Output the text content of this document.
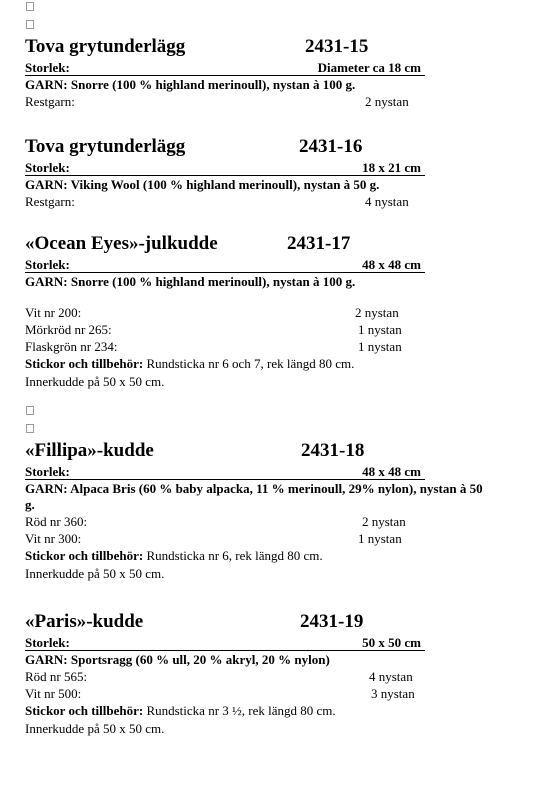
Tova grytunderlägg	2431-15
Storlek:	Diameter ca 18 cm
GARN: Snorre (100 % highland merinoull), nystan à 100 g.
Restgarn:	2 nystan
Tova grytunderlägg	2431-16
Storlek:	18 x 21 cm
GARN: Viking Wool (100 % highland merinoull), nystan à 50 g.
Restgarn:	4 nystan
«Ocean Eyes»-julkudde	2431-17
Storlek:	48 x 48 cm
GARN: Snorre (100 % highland merinoull), nystan à 100 g.
Vit nr 200:	2 nystan
Mörkröd nr 265:	1 nystan
Flaskgrön nr 234:	1 nystan
Stickor och tillbehör: Rundsticka nr 6 och 7, rek längd 80 cm.
Innerkudde på 50 x 50 cm.
«Fillipa»-kudde	2431-18
Storlek:	48 x 48 cm
GARN: Alpaca Bris (60 % baby alpacka, 11 % merinoull, 29% nylon), nystan à 50 g.
Röd nr 360:	2 nystan
Vit nr 300:	1 nystan
Stickor och tillbehör: Rundsticka nr 6, rek längd 80 cm.
Innerkudde på 50 x 50 cm.
«Paris»-kudde	2431-19
Storlek:	50 x 50 cm
GARN: Sportsragg (60 % ull, 20 % akryl, 20 % nylon)
Röd nr 565:	4 nystan
Vit nr 500:	3 nystan
Stickor och tillbehör: Rundsticka nr 3 ½, rek längd 80 cm.
Innerkudde på 50 x 50 cm.
